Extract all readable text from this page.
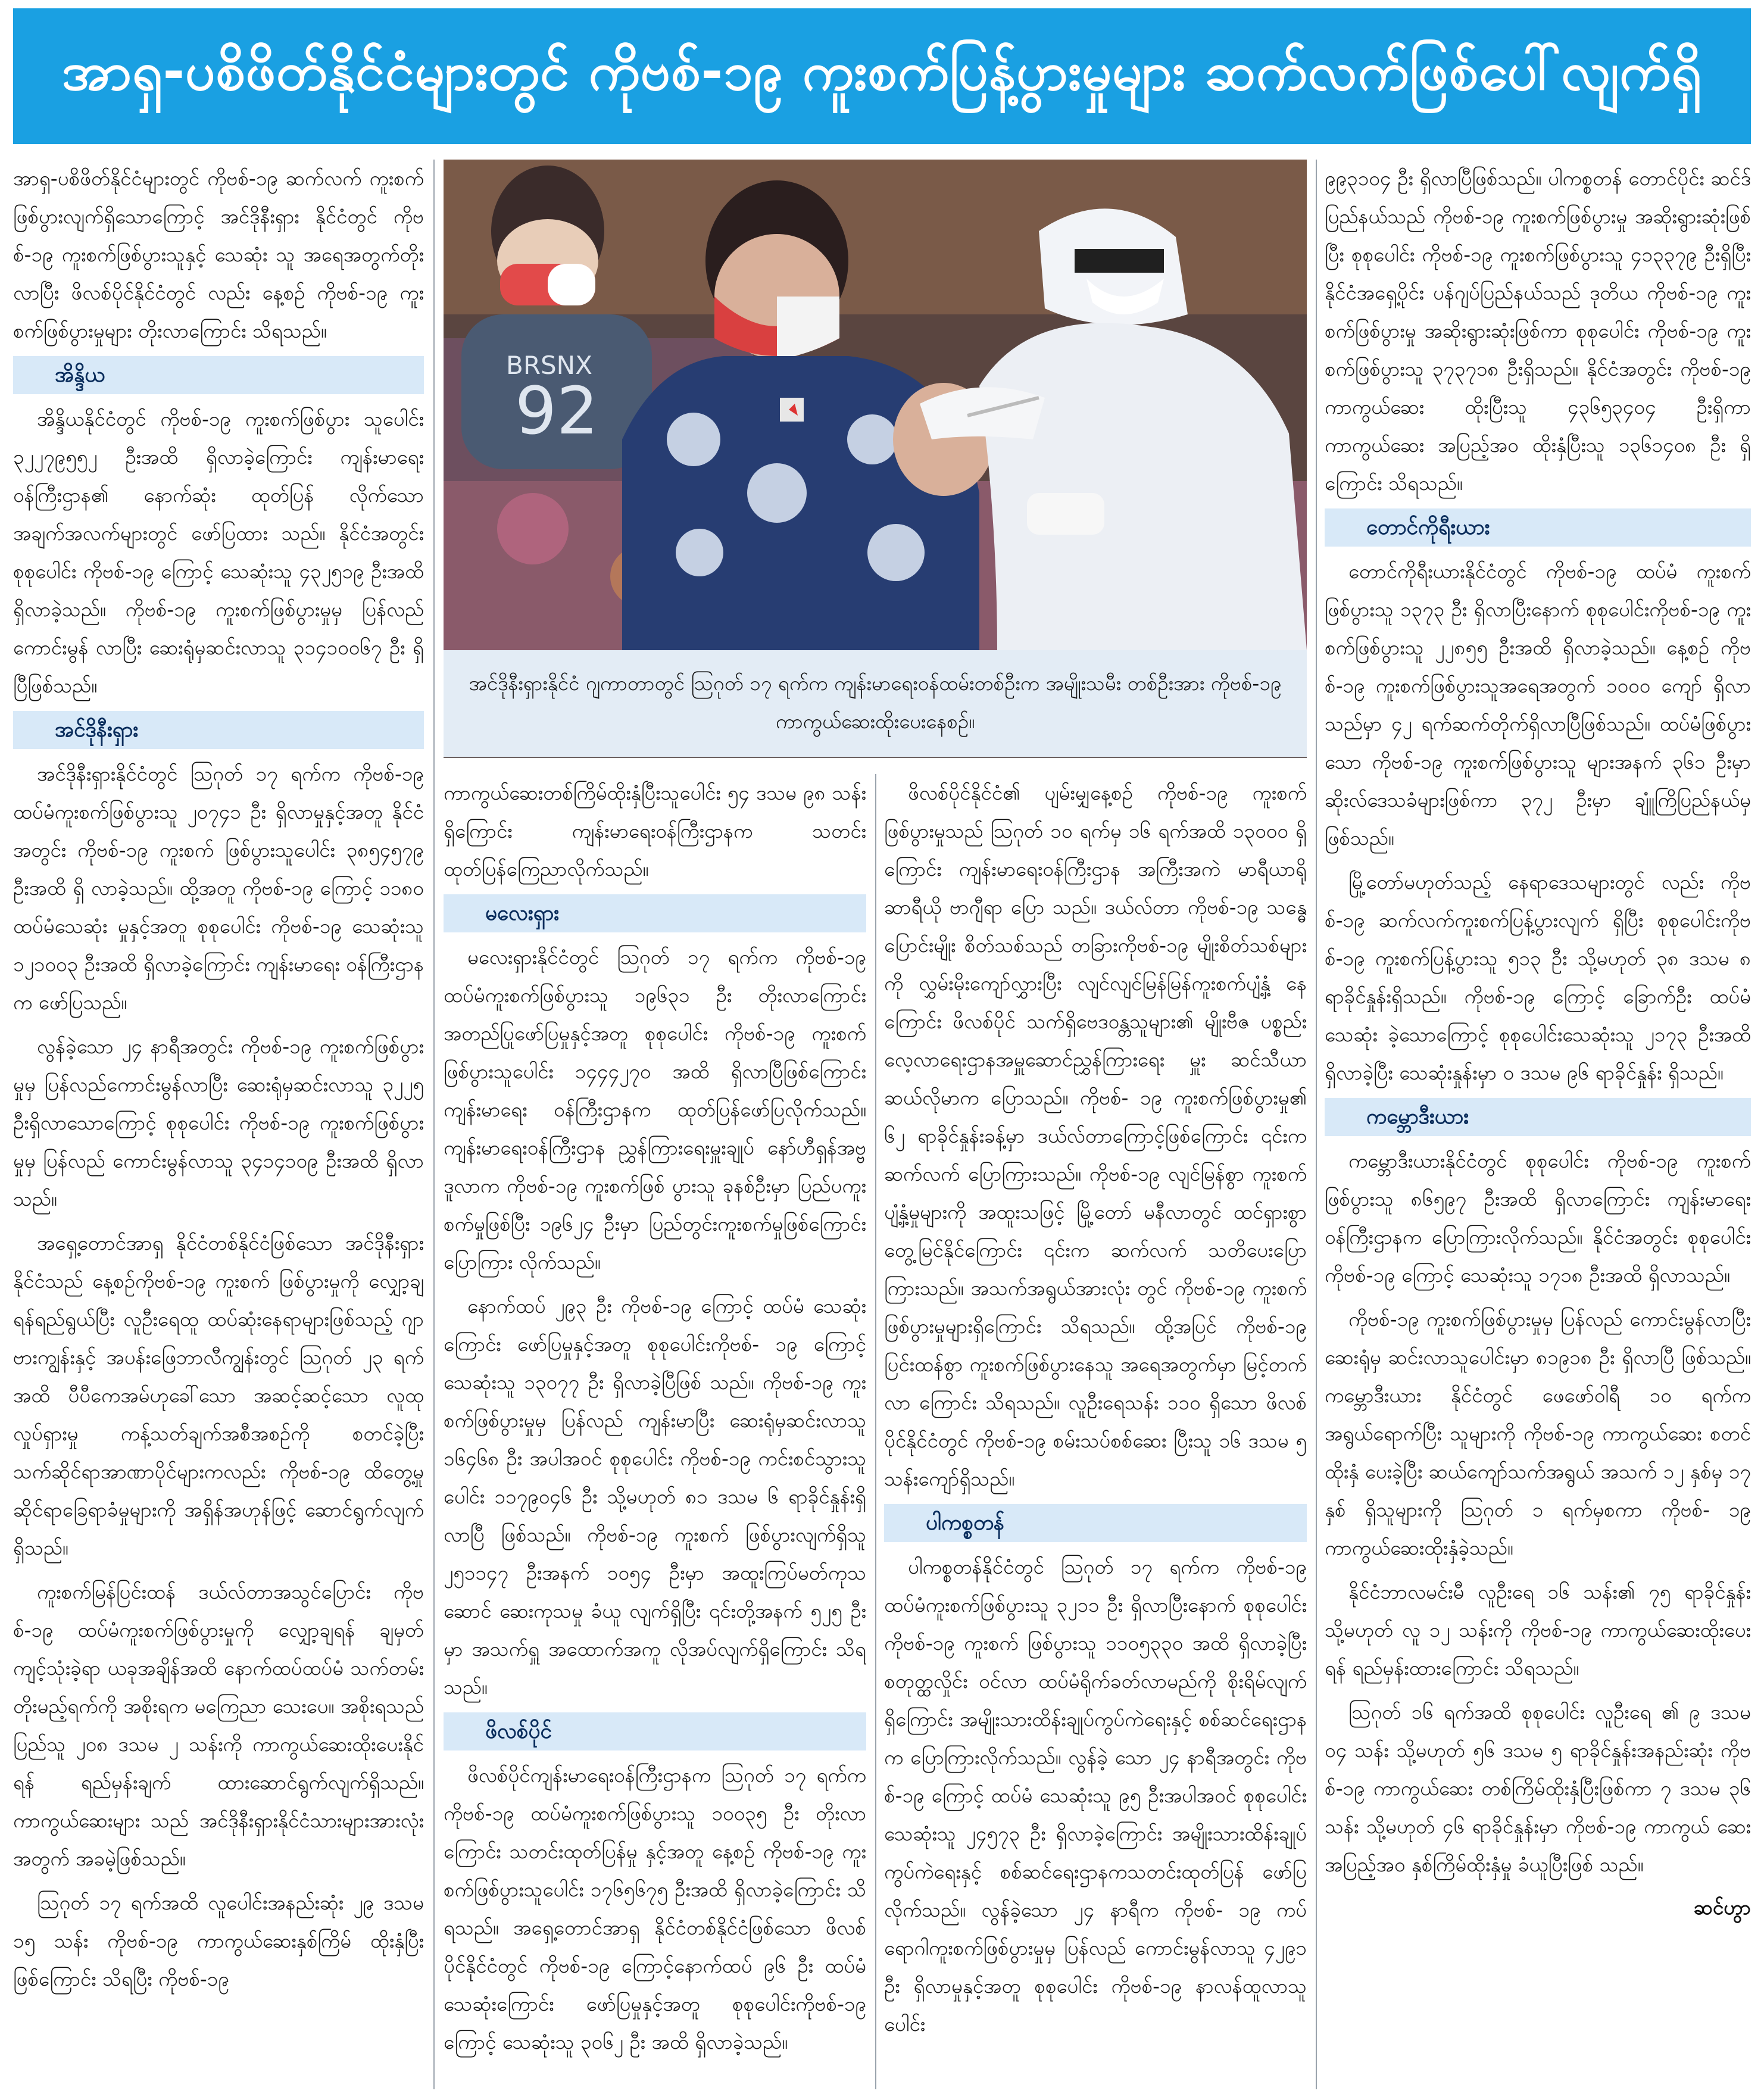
အာရှ-ပစိဖိတ်နိုင်ငံများတွင် ကိုဗစ်-၁၉ ကူးစက်ပြန့်ပွားမှုများ ဆက်လက်ဖြစ်ပေါ်လျက်ရှိ

အာရှ-ပစိဖိတ်နိုင်ငံများတွင် ကိုဗစ်-၁၉ ဆက်လက် ကူးစက်ဖြစ်ပွားလျက်ရှိသောကြောင့် အင်ဒိုနီးရှား နိုင်ငံတွင် ကိုဗစ်-၁၉ ကူးစက်ဖြစ်ပွားသူနှင့် သေဆုံး သူ အရေအတွက်တိုးလာပြီး ဖိလစ်ပိုင်နိုင်ငံတွင် လည်း နေ့စဉ် ကိုဗစ်-၁၉ ကူးစက်ဖြစ်ပွားမှုများ တိုးလာကြောင်း သိရသည်။

အိန္ဒိယ

အိန္ဒိယနိုင်ငံတွင် ကိုဗစ်-၁၉ ကူးစက်ဖြစ်ပွား သူပေါင်း ၃၂၂၇၉၅၅၂ ဦးအထိ ရှိလာခဲ့ကြောင်း ကျန်းမာရေးဝန်ကြီးဌာန၏ နောက်ဆုံး ထုတ်ပြန် လိုက်သော အချက်အလက်များတွင် ဖော်ပြထား သည်။ နိုင်ငံအတွင်း စုစုပေါင်း ကိုဗစ်-၁၉ ကြောင့် သေဆုံးသူ ၄၃၂၅၁၉ ဦးအထိ ရှိလာခဲ့သည်။ ကိုဗစ်-၁၉ ကူးစက်ဖြစ်ပွားမှုမှ ပြန်လည်ကောင်းမွန် လာပြီး ဆေးရုံမှဆင်းလာသူ ၃၁၄၁၀၀၆၇ ဦး ရှိပြီဖြစ်သည်။

အင်ဒိုနီးရှား

အင်ဒိုနီးရှားနိုင်ငံတွင် ဩဂုတ် ၁၇ ရက်က ကိုဗစ်-၁၉ ထပ်မံကူးစက်ဖြစ်ပွားသူ ၂၀၇၄၁ ဦး ရှိလာမှုနှင့်အတူ နိုင်ငံအတွင်း ကိုဗစ်-၁၉ ကူးစက် ဖြစ်ပွားသူပေါင်း ၃၈၅၄၅၇၉ ဦးအထိ ရှိ လာခဲ့သည်။ ထို့အတူ ကိုဗစ်-၁၉ ကြောင့် ၁၁၈၀ ထပ်မံသေဆုံး မှုနှင့်အတူ စုစုပေါင်း ကိုဗစ်-၁၉ သေဆုံးသူ ၁၂၁၀၀၃ ဦးအထိ ရှိလာခဲ့ကြောင်း ကျန်းမာရေး ဝန်ကြီးဌာနက ဖော်ပြသည်။

လွန်ခဲ့သော ၂၄ နာရီအတွင်း ကိုဗစ်-၁၉ ကူးစက်ဖြစ်ပွားမှုမှ ပြန်လည်ကောင်းမွန်လာပြီး ဆေးရုံမှဆင်းလာသူ ၃၂၂၅ ဦးရှိလာသောကြောင့် စုစုပေါင်း ကိုဗစ်-၁၉ ကူးစက်ဖြစ်ပွားမှုမှ ပြန်လည် ကောင်းမွန်လာသူ ၃၄၁၄၁၀၉ ဦးအထိ ရှိလာ သည်။

အရှေ့တောင်အာရှ နိုင်ငံတစ်နိုင်ငံဖြစ်သော အင်ဒိုနီးရှားနိုင်ငံသည် နေ့စဉ်ကိုဗစ်-၁၉ ကူးစက် ဖြစ်ပွားမှုကို လျှော့ချရန်ရည်ရွယ်ပြီး လူဦးရေထူ ထပ်ဆုံးနေရာများဖြစ်သည့် ဂျာဗားကျွန်းနှင့် အပန်းဖြေဘာလီကျွန်းတွင် ဩဂုတ် ၂၃ ရက်အထိ ပီပီကေအမ်ဟုခေါ်သော အဆင့်ဆင့်သော လူထု လှုပ်ရှားမှု ကန့်သတ်ချက်အစီအစဉ်ကို စတင်ခဲ့ပြီး သက်ဆိုင်ရာအာဏာပိုင်များကလည်း ကိုဗစ်-၁၉ ထိတွေ့မှုဆိုင်ရာခြေရာခံမှုများကို အရှိန်အဟုန်ဖြင့် ဆောင်ရွက်လျက်ရှိသည်။

ကူးစက်မြန်ပြင်းထန် ဒယ်လ်တာအသွင်ပြောင်း ကိုဗစ်-၁၉ ထပ်မံကူးစက်ဖြစ်ပွားမှုကို လျှော့ချရန် ချမှတ်ကျင့်သုံးခဲ့ရာ ယခုအချိန်အထိ နောက်ထပ်ထပ်မံ သက်တမ်းတိုးမည့်ရက်ကို အစိုးရက မကြေညာ သေးပေ။ အစိုးရသည် ပြည်သူ ၂၀၈ ဒသမ ၂ သန်းကို ကာကွယ်ဆေးထိုးပေးနိုင်ရန် ရည်မှန်းချက် ထားဆောင်ရွက်လျက်ရှိသည်။ ကာကွယ်ဆေးများ သည် အင်ဒိုနီးရှားနိုင်ငံသားများအားလုံးအတွက် အခမဲ့ဖြစ်သည်။

ဩဂုတ် ၁၇ ရက်အထိ လူပေါင်းအနည်းဆုံး ၂၉ ဒသမ ၁၅ သန်း ကိုဗစ်-၁၉ ကာကွယ်ဆေးနှစ်ကြိမ် ထိုးနှံပြီးဖြစ်ကြောင်း သိရပြီး ကိုဗစ်-၁၉

BRSNX
92
အင်ဒိုနီးရှားနိုင်ငံ ဂျကာတာတွင် ဩဂုတ် ၁၇ ရက်က ကျန်းမာရေးဝန်ထမ်းတစ်ဦးက အမျိုးသမီး တစ်ဦးအား ကိုဗစ်-၁၉ ကာကွယ်ဆေးထိုးပေးနေစဉ်။

ကာကွယ်ဆေးတစ်ကြိမ်ထိုးနှံပြီးသူပေါင်း ၅၄ ဒသမ ၉၈ သန်း ရှိကြောင်း ကျန်းမာရေးဝန်ကြီးဌာနက သတင်းထုတ်ပြန်ကြေညာလိုက်သည်။

မလေးရှား

မလေးရှားနိုင်ငံတွင် ဩဂုတ် ၁၇ ရက်က ကိုဗစ်-၁၉ ထပ်မံကူးစက်ဖြစ်ပွားသူ ၁၉၆၃၁ ဦး တိုးလာကြောင်း အတည်ပြုဖော်ပြမှုနှင့်အတူ စုစုပေါင်း ကိုဗစ်-၁၉ ကူးစက်ဖြစ်ပွားသူပေါင်း ၁၄၄၄၂၇၀ အထိ ရှိလာပြီဖြစ်ကြောင်း ကျန်းမာရေး ဝန်ကြီးဌာနက ထုတ်ပြန်ဖော်ပြလိုက်သည်။ ကျန်းမာရေးဝန်ကြီးဌာန ညွှန်ကြားရေးမှူးချုပ် နော်ဟီရှန်အဗ္ဗဒူလာက ကိုဗစ်-၁၉ ကူးစက်ဖြစ် ပွားသူ ခုနစ်ဦးမှာ ပြည်ပကူးစက်မှုဖြစ်ပြီး ၁၉၆၂၄ ဦးမှာ ပြည်တွင်းကူးစက်မှုဖြစ်ကြောင်း ပြောကြား လိုက်သည်။

နောက်ထပ် ၂၉၃ ဦး ကိုဗစ်-၁၉ ကြောင့် ထပ်မံ သေဆုံးကြောင်း ဖော်ပြမှုနှင့်အတူ စုစုပေါင်းကိုဗစ်- ၁၉ ကြောင့် သေဆုံးသူ ၁၃၀၇၇ ဦး ရှိလာခဲ့ပြီဖြစ် သည်။ ကိုဗစ်-၁၉ ကူးစက်ဖြစ်ပွားမှုမှ ပြန်လည် ကျန်းမာပြီး ဆေးရုံမှဆင်းလာသူ ၁၆၄၆၈ ဦး အပါအဝင် စုစုပေါင်း ကိုဗစ်-၁၉ ကင်းစင်သွားသူ ပေါင်း ၁၁၇၉၀၄၆ ဦး သို့မဟုတ် ၈၁ ဒသမ ၆ ရာခိုင်နှုန်းရှိလာပြီ ဖြစ်သည်။ ကိုဗစ်-၁၉ ကူးစက် ဖြစ်ပွားလျက်ရှိသူ ၂၅၁၁၄၇ ဦးအနက် ၁၀၅၄ ဦးမှာ အထူးကြပ်မတ်ကုသဆောင် ဆေးကုသမှု ခံယူ လျက်ရှိပြီး ၎င်းတို့အနက် ၅၂၅ ဦးမှာ အသက်ရှူ အထောက်အကူ လိုအပ်လျက်ရှိကြောင်း သိရသည်။

ဖိလစ်ပိုင်

ဖိလစ်ပိုင်ကျန်းမာရေးဝန်ကြီးဌာနက ဩဂုတ် ၁၇ ရက်က ကိုဗစ်-၁၉ ထပ်မံကူးစက်ဖြစ်ပွားသူ ၁၀၀၃၅ ဦး တိုးလာကြောင်း သတင်းထုတ်ပြန်မှု နှင့်အတူ နေ့စဉ် ကိုဗစ်-၁၉ ကူးစက်ဖြစ်ပွားသူပေါင်း ၁၇၆၅၆၇၅ ဦးအထိ ရှိလာခဲ့ကြောင်း သိရသည်။ အရှေ့တောင်အာရှ နိုင်ငံတစ်နိုင်ငံဖြစ်သော ဖိလစ်ပိုင်နိုင်ငံတွင် ကိုဗစ်-၁၉ ကြောင့်နောက်ထပ် ၉၆ ဦး ထပ်မံသေဆုံးကြောင်း ဖော်ပြမှုနှင့်အတူ စုစုပေါင်းကိုဗစ်-၁၉ ကြောင့် သေဆုံးသူ ၃၀၆၂ ဦး အထိ ရှိလာခဲ့သည်။

ဖိလစ်ပိုင်နိုင်ငံ၏ ပျမ်းမျှနေ့စဉ် ကိုဗစ်-၁၉ ကူးစက် ဖြစ်ပွားမှုသည် ဩဂုတ် ၁၀ ရက်မှ ၁၆ ရက်အထိ ၁၃၀၀၀ ရှိကြောင်း ကျန်းမာရေးဝန်ကြီးဌာန အကြီးအကဲ မာရီယာရိုဆာရီယို ဗာဂျီရာ ပြော သည်။ ဒယ်လ်တာ ကိုဗစ်-၁၉ သန္ဓေပြောင်းမျိုး စိတ်သစ်သည် တခြားကိုဗစ်-၁၉ မျိုးစိတ်သစ်များကို လွှမ်းမိုးကျော်လွှားပြီး လျင်လျင်မြန်မြန်ကူးစက်ပျံ့နှံ့ နေကြောင်း ဖိလစ်ပိုင် သက်ရှိဗေဒဝန္တသူများ၏ မျိုးဗီဇ ပစ္စည်းလေ့လာရေးဌာနအမှူဆောင်ညွှန်ကြားရေး မှူး ဆင်သီယာဆယ်လိုမာက ပြောသည်။ ကိုဗစ်- ၁၉ ကူးစက်ဖြစ်ပွားမှု၏ ၆၂ ရာခိုင်နှုန်းခန့်မှာ ဒယ်လ်တာကြောင့်ဖြစ်ကြောင်း ၎င်းက ဆက်လက် ပြောကြားသည်။ ကိုဗစ်-၁၉ လျင်မြန်စွာ ကူးစက် ပျံ့နှံ့မှုများကို အထူးသဖြင့် မြို့တော် မနီလာတွင် ထင်ရှားစွာ တွေ့မြင်နိုင်ကြောင်း ၎င်းက ဆက်လက် သတိပေးပြောကြားသည်။ အသက်အရွယ်အားလုံး တွင် ကိုဗစ်-၁၉ ကူးစက်ဖြစ်ပွားမှုများရှိကြောင်း သိရသည်။ ထို့အပြင် ကိုဗစ်-၁၉ ပြင်းထန်စွာ ကူးစက်ဖြစ်ပွားနေသူ အရေအတွက်မှာ မြင့်တက်လာ ကြောင်း သိရသည်။ လူဦးရေသန်း ၁၁၀ ရှိသော ဖိလစ်ပိုင်နိုင်ငံတွင် ကိုဗစ်-၁၉ စမ်းသပ်စစ်ဆေး ပြီးသူ ၁၆ ဒသမ ၅ သန်းကျော်ရှိသည်။

ပါကစ္စတန်

ပါကစ္စတန်နိုင်ငံတွင် ဩဂုတ် ၁၇ ရက်က ကိုဗစ်-၁၉ ထပ်မံကူးစက်ဖြစ်ပွားသူ ၃၂၁၁ ဦး ရှိလာပြီးနောက် စုစုပေါင်း ကိုဗစ်-၁၉ ကူးစက် ဖြစ်ပွားသူ ၁၁၀၅၃၃၀ အထိ ရှိလာခဲ့ပြီး စတုတ္ထလှိုင်း ဝင်လာ ထပ်မံရိုက်ခတ်လာမည်ကို စိုးရိမ်လျက် ရှိကြောင်း အမျိုးသားထိန်းချုပ်ကွပ်ကဲရေးနှင့် စစ်ဆင်ရေးဌာနက ပြောကြားလိုက်သည်။ လွန်ခဲ့ သော ၂၄ နာရီအတွင်း ကိုဗစ်-၁၉ ကြောင့် ထပ်မံ သေဆုံးသူ ၉၅ ဦးအပါအဝင် စုစုပေါင်း သေဆုံးသူ ၂၄၅၇၃ ဦး ရှိလာခဲ့ကြောင်း အမျိုးသားထိန်းချုပ် ကွပ်ကဲရေးနှင့် စစ်ဆင်ရေးဌာနကသတင်းထုတ်ပြန် ဖော်ပြလိုက်သည်။ လွန်ခဲ့သော ၂၄ နာရီက ကိုဗစ်- ၁၉ ကပ်ရောဂါကူးစက်ဖြစ်ပွားမှုမှ ပြန်လည် ကောင်းမွန်လာသူ ၄၂၉၁ ဦး ရှိလာမှုနှင့်အတူ စုစုပေါင်း ကိုဗစ်-၁၉ နာလန်ထူလာသူပေါင်း

၉၉၃၁၀၄ ဦး ရှိလာပြီဖြစ်သည်။ ပါကစ္စတန် တောင်ပိုင်း ဆင်ဒ်ပြည်နယ်သည် ကိုဗစ်-၁၉ ကူးစက်ဖြစ်ပွားမှု အဆိုးရွားဆုံးဖြစ်ပြီး စုစုပေါင်း ကိုဗစ်-၁၉ ကူးစက်ဖြစ်ပွားသူ ၄၁၃၃၇၉ ဦးရှိပြီး နိုင်ငံအရှေ့ပိုင်း ပန်ဂျပ်ပြည်နယ်သည် ဒုတိယ ကိုဗစ်-၁၉ ကူးစက်ဖြစ်ပွားမှု အဆိုးရွားဆုံးဖြစ်ကာ စုစုပေါင်း ကိုဗစ်-၁၉ ကူးစက်ဖြစ်ပွားသူ ၃၇၃၇၁၈ ဦးရှိသည်။ နိုင်ငံအတွင်း ကိုဗစ်-၁၉ ကာကွယ်ဆေး ထိုးပြီးသူ ၄၃၆၅၃၄၀၄ ဦးရှိကာ ကာကွယ်ဆေး အပြည့်အဝ ထိုးနှံပြီးသူ ၁၃၆၁၄၀၈ ဦး ရှိကြောင်း သိရသည်။

တောင်ကိုရီးယား

တောင်ကိုရီးယားနိုင်ငံတွင် ကိုဗစ်-၁၉ ထပ်မံ ကူးစက်ဖြစ်ပွားသူ ၁၃၇၃ ဦး ရှိလာပြီးနောက် စုစုပေါင်းကိုဗစ်-၁၉ ကူးစက်ဖြစ်ပွားသူ ၂၂၈၅၅ ဦးအထိ ရှိလာခဲ့သည်။ နေ့စဉ် ကိုဗစ်-၁၉ ကူးစက်ဖြစ်ပွားသူအရေအတွက် ၁၀၀၀ ကျော် ရှိလာသည်မှာ ၄၂ ရက်ဆက်တိုက်ရှိလာပြီဖြစ်သည်။ ထပ်မံဖြစ်ပွားသော ကိုဗစ်-၁၉ ကူးစက်ဖြစ်ပွားသူ များအနက် ၃၆၁ ဦးမှာ ဆိုးလ်ဒေသခံများဖြစ်ကာ ၃၇၂ ဦးမှာ ချူံကြိပြည်နယ်မှ ဖြစ်သည်။

မြို့တော်မဟုတ်သည့် နေရာဒေသများတွင် လည်း ကိုဗစ်-၁၉ ဆက်လက်ကူးစက်ပြန့်ပွားလျက် ရှိပြီး စုစုပေါင်းကိုဗစ်-၁၉ ကူးစက်ပြန့်ပွားသူ ၅၁၃ ဦး သို့မဟုတ် ၃၈ ဒသမ ၈ ရာခိုင်နှုန်းရှိသည်။ ကိုဗစ်-၁၉ ကြောင့် ခြောက်ဦး ထပ်မံသေဆုံး ခဲ့သောကြောင့် စုစုပေါင်းသေဆုံးသူ ၂၁၇၃ ဦးအထိ ရှိလာခဲ့ပြီး သေဆုံးနှုန်းမှာ ၀ ဒသမ ၉၆ ရာခိုင်နှုန်း ရှိသည်။

ကမ္ဘောဒီးယား

ကမ္ဘောဒီးယားနိုင်ငံတွင် စုစုပေါင်း ကိုဗစ်-၁၉ ကူးစက်ဖြစ်ပွားသူ ၈၆၅၉၇ ဦးအထိ ရှိလာကြောင်း ကျန်းမာရေးဝန်ကြီးဌာနက ပြောကြားလိုက်သည်။ နိုင်ငံအတွင်း စုစုပေါင်း ကိုဗစ်-၁၉ ကြောင့် သေဆုံးသူ ၁၇၁၈ ဦးအထိ ရှိလာသည်။

ကိုဗစ်-၁၉ ကူးစက်ဖြစ်ပွားမှုမှ ပြန်လည် ကောင်းမွန်လာပြီး ဆေးရုံမှ ဆင်းလာသူပေါင်းမှာ ၈၁၉၁၈ ဦး ရှိလာပြီ ဖြစ်သည်။ ကမ္ဘောဒီးယား နိုင်ငံတွင် ဖေဖော်ဝါရီ ၁၀ ရက်က အရွယ်ရောက်ပြီး သူများကို ကိုဗစ်-၁၉ ကာကွယ်ဆေး စတင်ထိုးနှံ ပေးခဲ့ပြီး ဆယ်ကျော်သက်အရွယ် အသက် ၁၂ နှစ်မှ ၁၇ နှစ် ရှိသူများကို ဩဂုတ် ၁ ရက်မှစကာ ကိုဗစ်- ၁၉ ကာကွယ်ဆေးထိုးနှံခဲ့သည်။

နိုင်ငံဘာလမင်းမီ လူဦးရေ ၁၆ သန်း၏ ၇၅ ရာခိုင်နှုန်း သို့မဟုတ် လူ ၁၂ သန်းကို ကိုဗစ်-၁၉ ကာကွယ်ဆေးထိုးပေးရန် ရည်မှန်းထားကြောင်း သိရသည်။

ဩဂုတ် ၁၆ ရက်အထိ စုစုပေါင်း လူဦးရေ ၏ ၉ ဒသမ ၀၄ သန်း သို့မဟုတ် ၅၆ ဒသမ ၅ ရာခိုင်နှုန်းအနည်းဆုံး ကိုဗစ်-၁၉ ကာကွယ်ဆေး တစ်ကြိမ်ထိုးနှံပြီးဖြစ်ကာ ၇ ဒသမ ၃၆ သန်း သို့မဟုတ် ၄၆ ရာခိုင်နှုန်းမှာ ကိုဗစ်-၁၉ ကာကွယ် ဆေး အပြည့်အဝ နှစ်ကြိမ်ထိုးနှံမှု ခံယူပြီးဖြစ် သည်။

ဆင်ဟွာ
